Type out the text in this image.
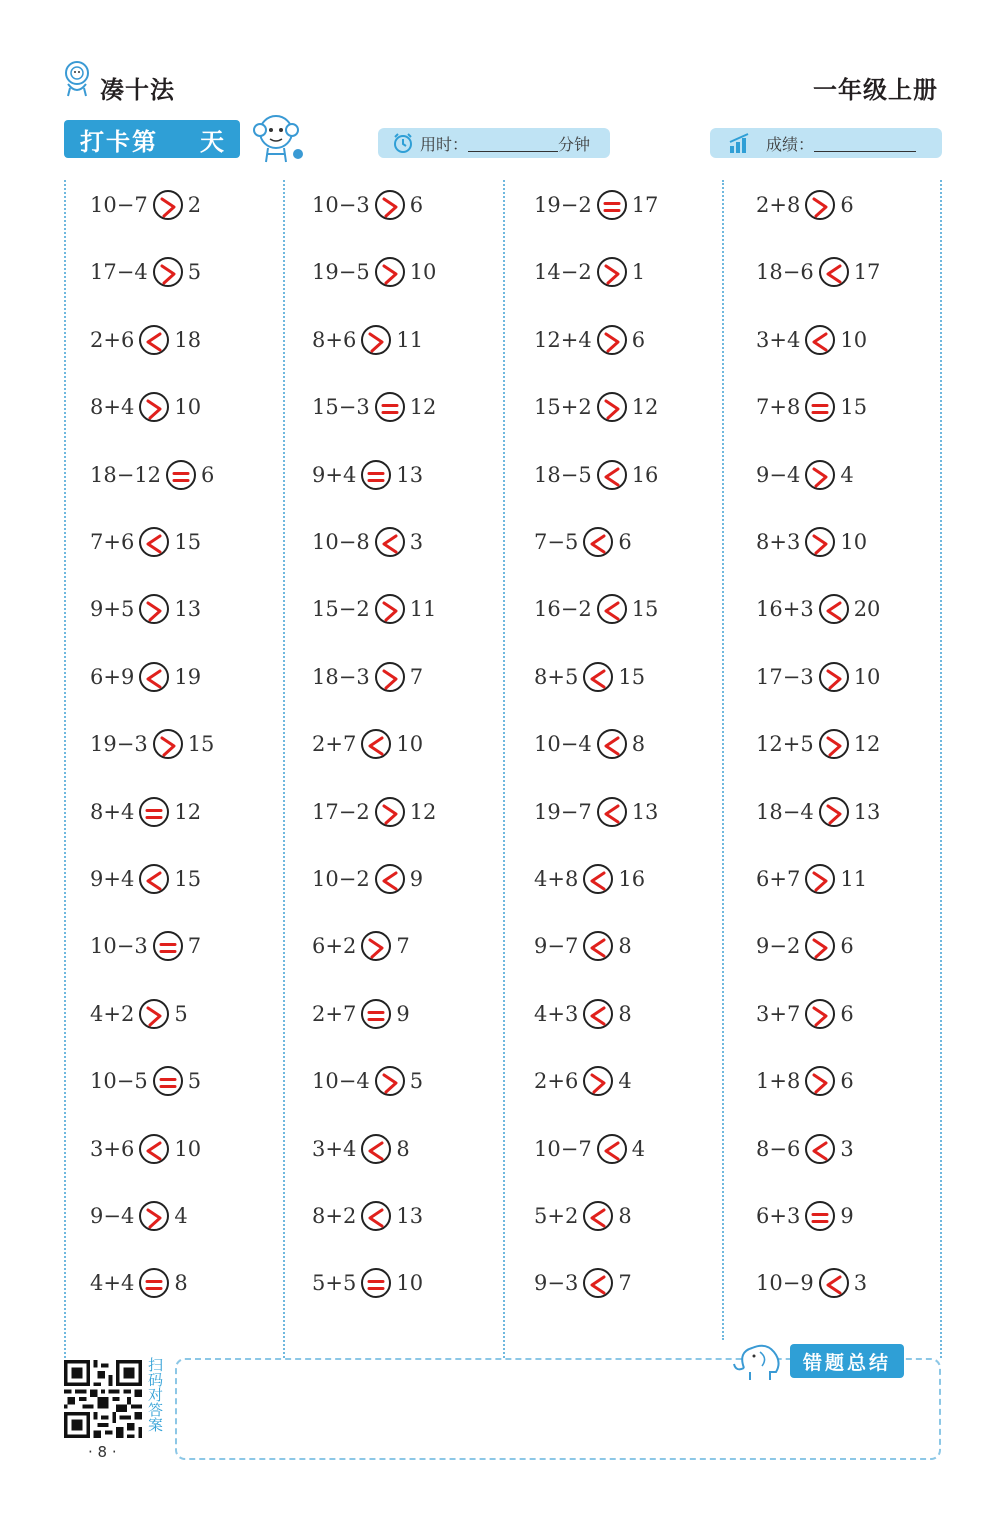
凑十法	一年级上册
打卡第 天	用时：	分钟	成绩：
10−7 2
17−4 5
2+6 18
8+4 10
18−12 6
7+6 15
9+5 13
6+9 19
19−3 15
8+4 12
9+4 15
10−3 7
4+2 5
10−5 5
3+6 10
9−4 4
4+4 8
10−3 6
19−5 10
8+6 11
15−3 12
9+4 13
10−8 3
15−2 11
18−3 7
2+7 10
17−2 12
10−2 9
6+2 7
2+7 9
10−4 5
3+4 8
8+2 13
5+5 10
19−2 17
14−2 1
12+4 6
15+2 12
18−5 16
7−5 6
16−2 15
8+5 15
10−4 8
19−7 13
4+8 16
9−7 8
4+3 8
2+6 4
10−7 4
5+2 8
9−3 7
2+8 6
18−6 17
3+4 10
7+8 15
9−4 4
8+3 10
16+3 20
17−3 10
12+5 12
18−4 13
6+7 11
9−2 6
3+7 6
1+8 6
8−6 3
6+3 9
10−9 3
错题总结
扫码对答案
· 8 ·
